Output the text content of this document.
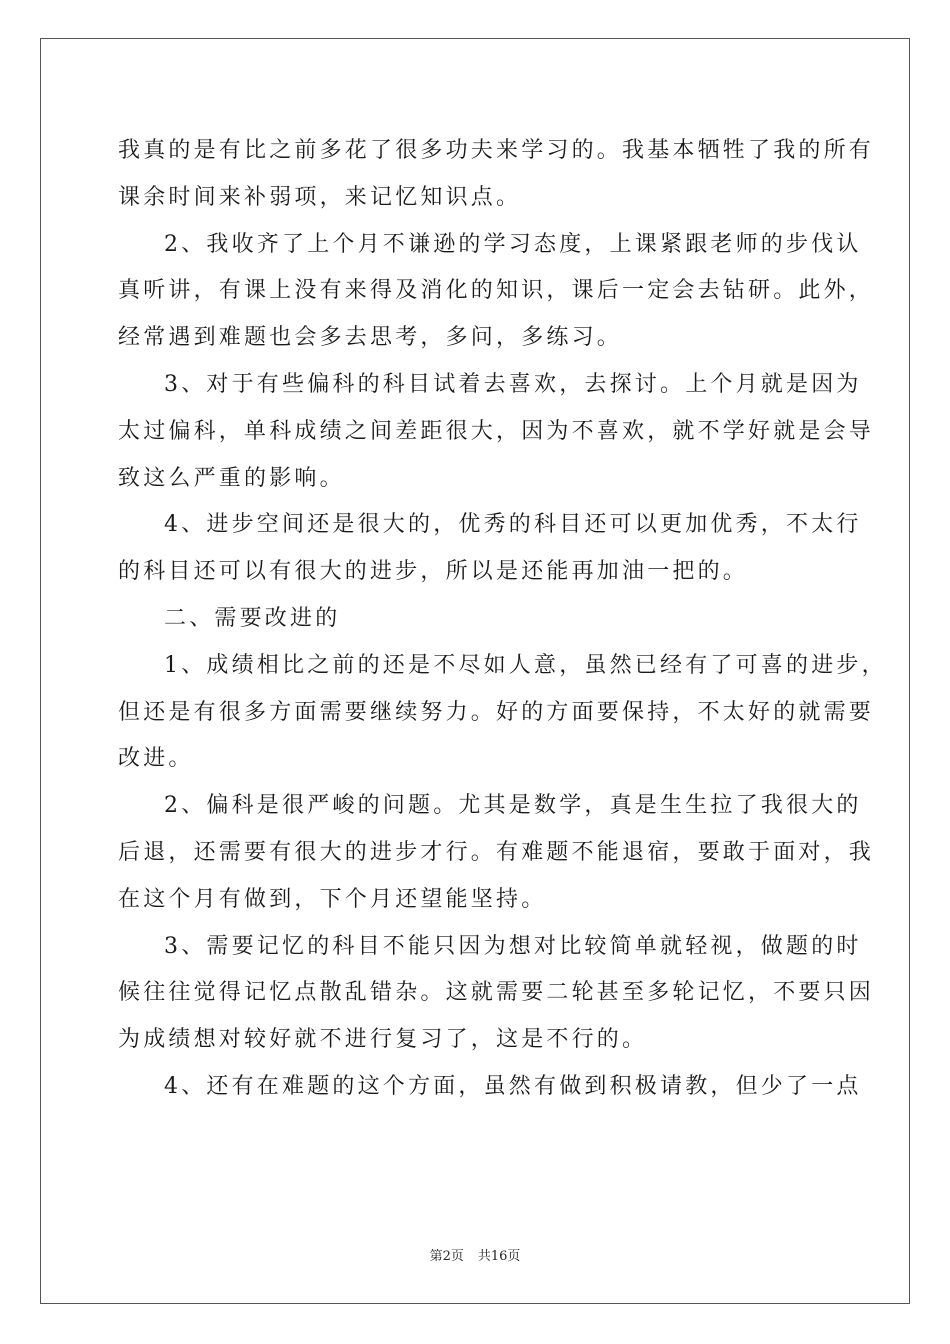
我真的是有比之前多花了很多功夫来学习的。我基本牺牲了我的所有
课余时间来补弱项，来记忆知识点。
2、我收齐了上个月不谦逊的学习态度，上课紧跟老师的步伐认
真听讲，有课上没有来得及消化的知识，课后一定会去钻研。此外，
经常遇到难题也会多去思考，多问，多练习。
3、对于有些偏科的科目试着去喜欢，去探讨。上个月就是因为
太过偏科，单科成绩之间差距很大，因为不喜欢，就不学好就是会导
致这么严重的影响。
4、进步空间还是很大的，优秀的科目还可以更加优秀，不太行
的科目还可以有很大的进步，所以是还能再加油一把的。
二、需要改进的
1、成绩相比之前的还是不尽如人意，虽然已经有了可喜的进步，
但还是有很多方面需要继续努力。好的方面要保持，不太好的就需要
改进。
2、偏科是很严峻的问题。尤其是数学，真是生生拉了我很大的
后退，还需要有很大的进步才行。有难题不能退宿，要敢于面对，我
在这个月有做到，下个月还望能坚持。
3、需要记忆的科目不能只因为想对比较简单就轻视，做题的时
候往往觉得记忆点散乱错杂。这就需要二轮甚至多轮记忆，不要只因
为成绩想对较好就不进行复习了，这是不行的。
4、还有在难题的这个方面，虽然有做到积极请教，但少了一点
第2页 共16页
